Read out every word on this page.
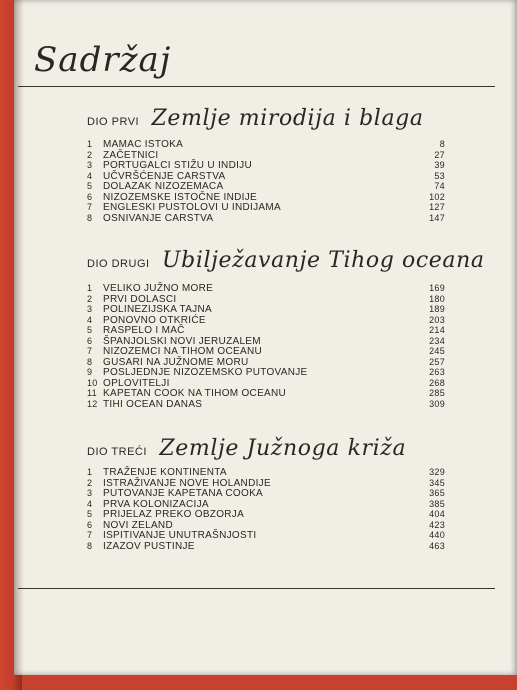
Sadržaj
DIO PRVI Zemlje mirodija i blaga
1	MAMAC ISTOKA	8
2	ZAČETNICI	27
3	PORTUGALCI STIŽU U INDIJU	39
4	UČVRŠĆENJE CARSTVA	53
5	DOLAZAK NIZOZEMACA	74
6	NIZOZEMSKE ISTOČNE INDIJE	102
7	ENGLESKI PUSTOLOVI U INDIJAMA	127
8	OSNIVANJE CARSTVA	147
DIO DRUGI Ubilježavanje Tihog oceana
1	VELIKO JUŽNO MORE	169
2	PRVI DOLASCI	180
3	POLINEZIJSKA TAJNA	189
4	PONOVNO OTKRIĆE	203
5	RASPELO I MAČ	214
6	ŠPANJOLSKI NOVI JERUZALEM	234
7	NIZOZEMCI NA TIHOM OCEANU	245
8	GUSARI NA JUŽNOME MORU	257
9	POSLJEDNJE NIZOZEMSKO PUTOVANJE	263
10 OPLOVITELJI	268
11 KAPETAN COOK NA TIHOM OCEANU	285
12 TIHI OCEAN DANAS	309
DIO TREĆI Zemlje Južnoga križa
1	TRAŽENJE KONTINENTA	329
2	ISTRAŽIVANJE NOVE HOLANDIJE	345
3	PUTOVANJE KAPETANA COOKA	365
4	PRVA KOLONIZACIJA	385
5	PRIJELAZ PREKO OBZORJA	404
6	NOVI ZELAND	423
7	ISPITIVANJE UNUTRAŠNJOSTI	440
8	IZAZOV PUSTINJE	463
